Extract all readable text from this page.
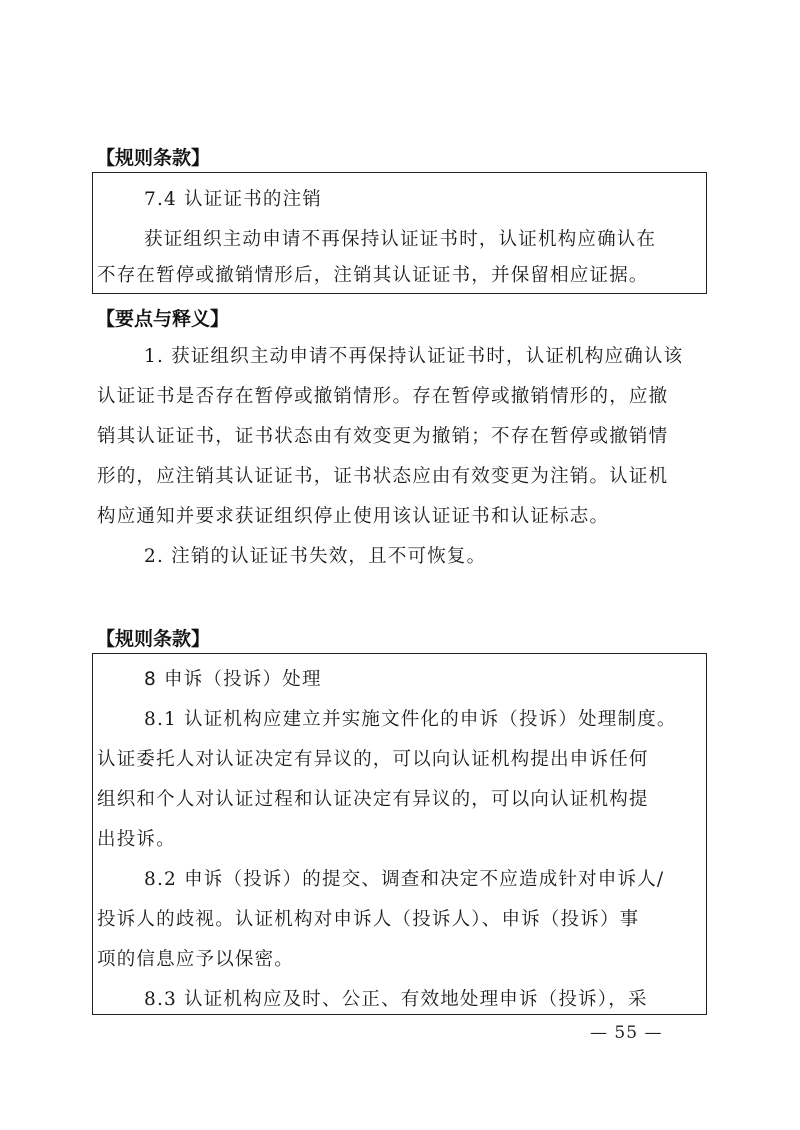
【规则条款】
7.4 认证证书的注销
获证组织主动申请不再保持认证证书时，认证机构应确认在
不存在暂停或撤销情形后，注销其认证证书，并保留相应证据。
【要点与释义】
1. 获证组织主动申请不再保持认证证书时，认证机构应确认该
认证证书是否存在暂停或撤销情形。存在暂停或撤销情形的，应撤
销其认证证书，证书状态由有效变更为撤销；不存在暂停或撤销情
形的，应注销其认证证书，证书状态应由有效变更为注销。认证机
构应通知并要求获证组织停止使用该认证证书和认证标志。
2. 注销的认证证书失效，且不可恢复。
【规则条款】
8 申诉（投诉）处理
8.1 认证机构应建立并实施文件化的申诉（投诉）处理制度。
认证委托人对认证决定有异议的，可以向认证机构提出申诉任何
组织和个人对认证过程和认证决定有异议的，可以向认证机构提
出投诉。
8.2 申诉（投诉）的提交、调查和决定不应造成针对申诉人/
投诉人的歧视。认证机构对申诉人（投诉人）、申诉（投诉）事
项的信息应予以保密。
8.3 认证机构应及时、公正、有效地处理申诉（投诉），采
— 55 —
